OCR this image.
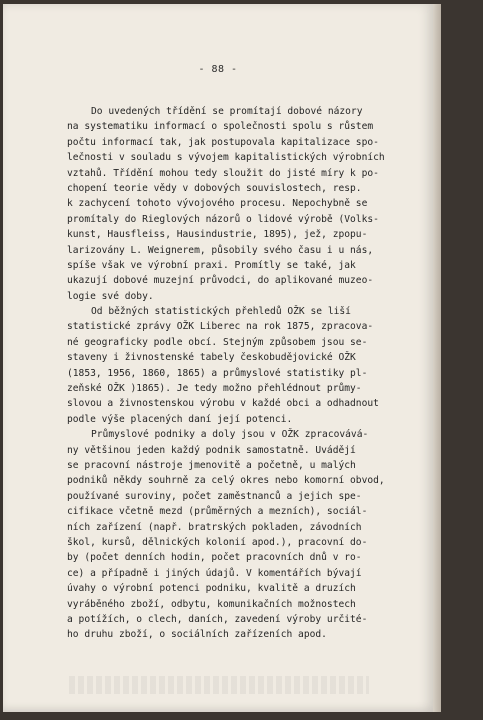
- 88 -
Do uvedených třídění se promítají dobové názory
na systematiku informací o společnosti spolu s růstem
počtu informací tak, jak postupovala kapitalizace spo-
lečnosti v souladu s vývojem kapitalistických výrobních
vztahů. Třídění mohou tedy sloužit do jisté míry k po-
chopení teorie vědy v dobových souvislostech, resp.
k zachycení tohoto vývojového procesu. Nepochybně se
promítaly do Rieglových názorů o lidové výrobě (Volks-
kunst, Hausfleiss, Hausindustrie, 1895), jež, zpopu-
larizovány L. Weignerem, působily svého času i u nás,
spíše však ve výrobní praxi. Promítly se také, jak
ukazují dobové muzejní průvodci, do aplikované muzeo-
logie své doby.
Od běžných statistických přehledů OŽK se liší
statistické zprávy OŽK Liberec na rok 1875, zpracova-
né geograficky podle obcí. Stejným způsobem jsou se-
staveny i živnostenské tabely českobudějovické OŽK
(1853, 1956, 1860, 1865) a průmyslové statistiky pl-
zeňské OŽK )1865). Je tedy možno přehlédnout průmy-
slovou a živnostenskou výrobu v každé obci a odhadnout
podle výše placených daní její potenci.
Průmyslové podniky a doly jsou v OŽK zpracovává-
ny většinou jeden každý podnik samostatně. Uvádějí
se pracovní nástroje jmenovitě a početně, u malých
podniků někdy souhrně za celý okres nebo komorní obvod,
používané suroviny, počet zaměstnanců a jejich spe-
cifikace včetně mezd (průměrných a mezních), sociál-
ních zařízení (např. bratrských pokladen, závodních
škol, kursů, dělnických kolonií apod.), pracovní do-
by (počet denních hodin, počet pracovních dnů v ro-
ce) a případně i jiných údajů. V komentářích bývají
úvahy o výrobní potenci podniku, kvalitě a druzích
vyráběného zboží, odbytu, komunikačních možnostech
a potížích, o clech, daních, zavedení výroby určité-
ho druhu zboží, o sociálních zařízeních apod.
